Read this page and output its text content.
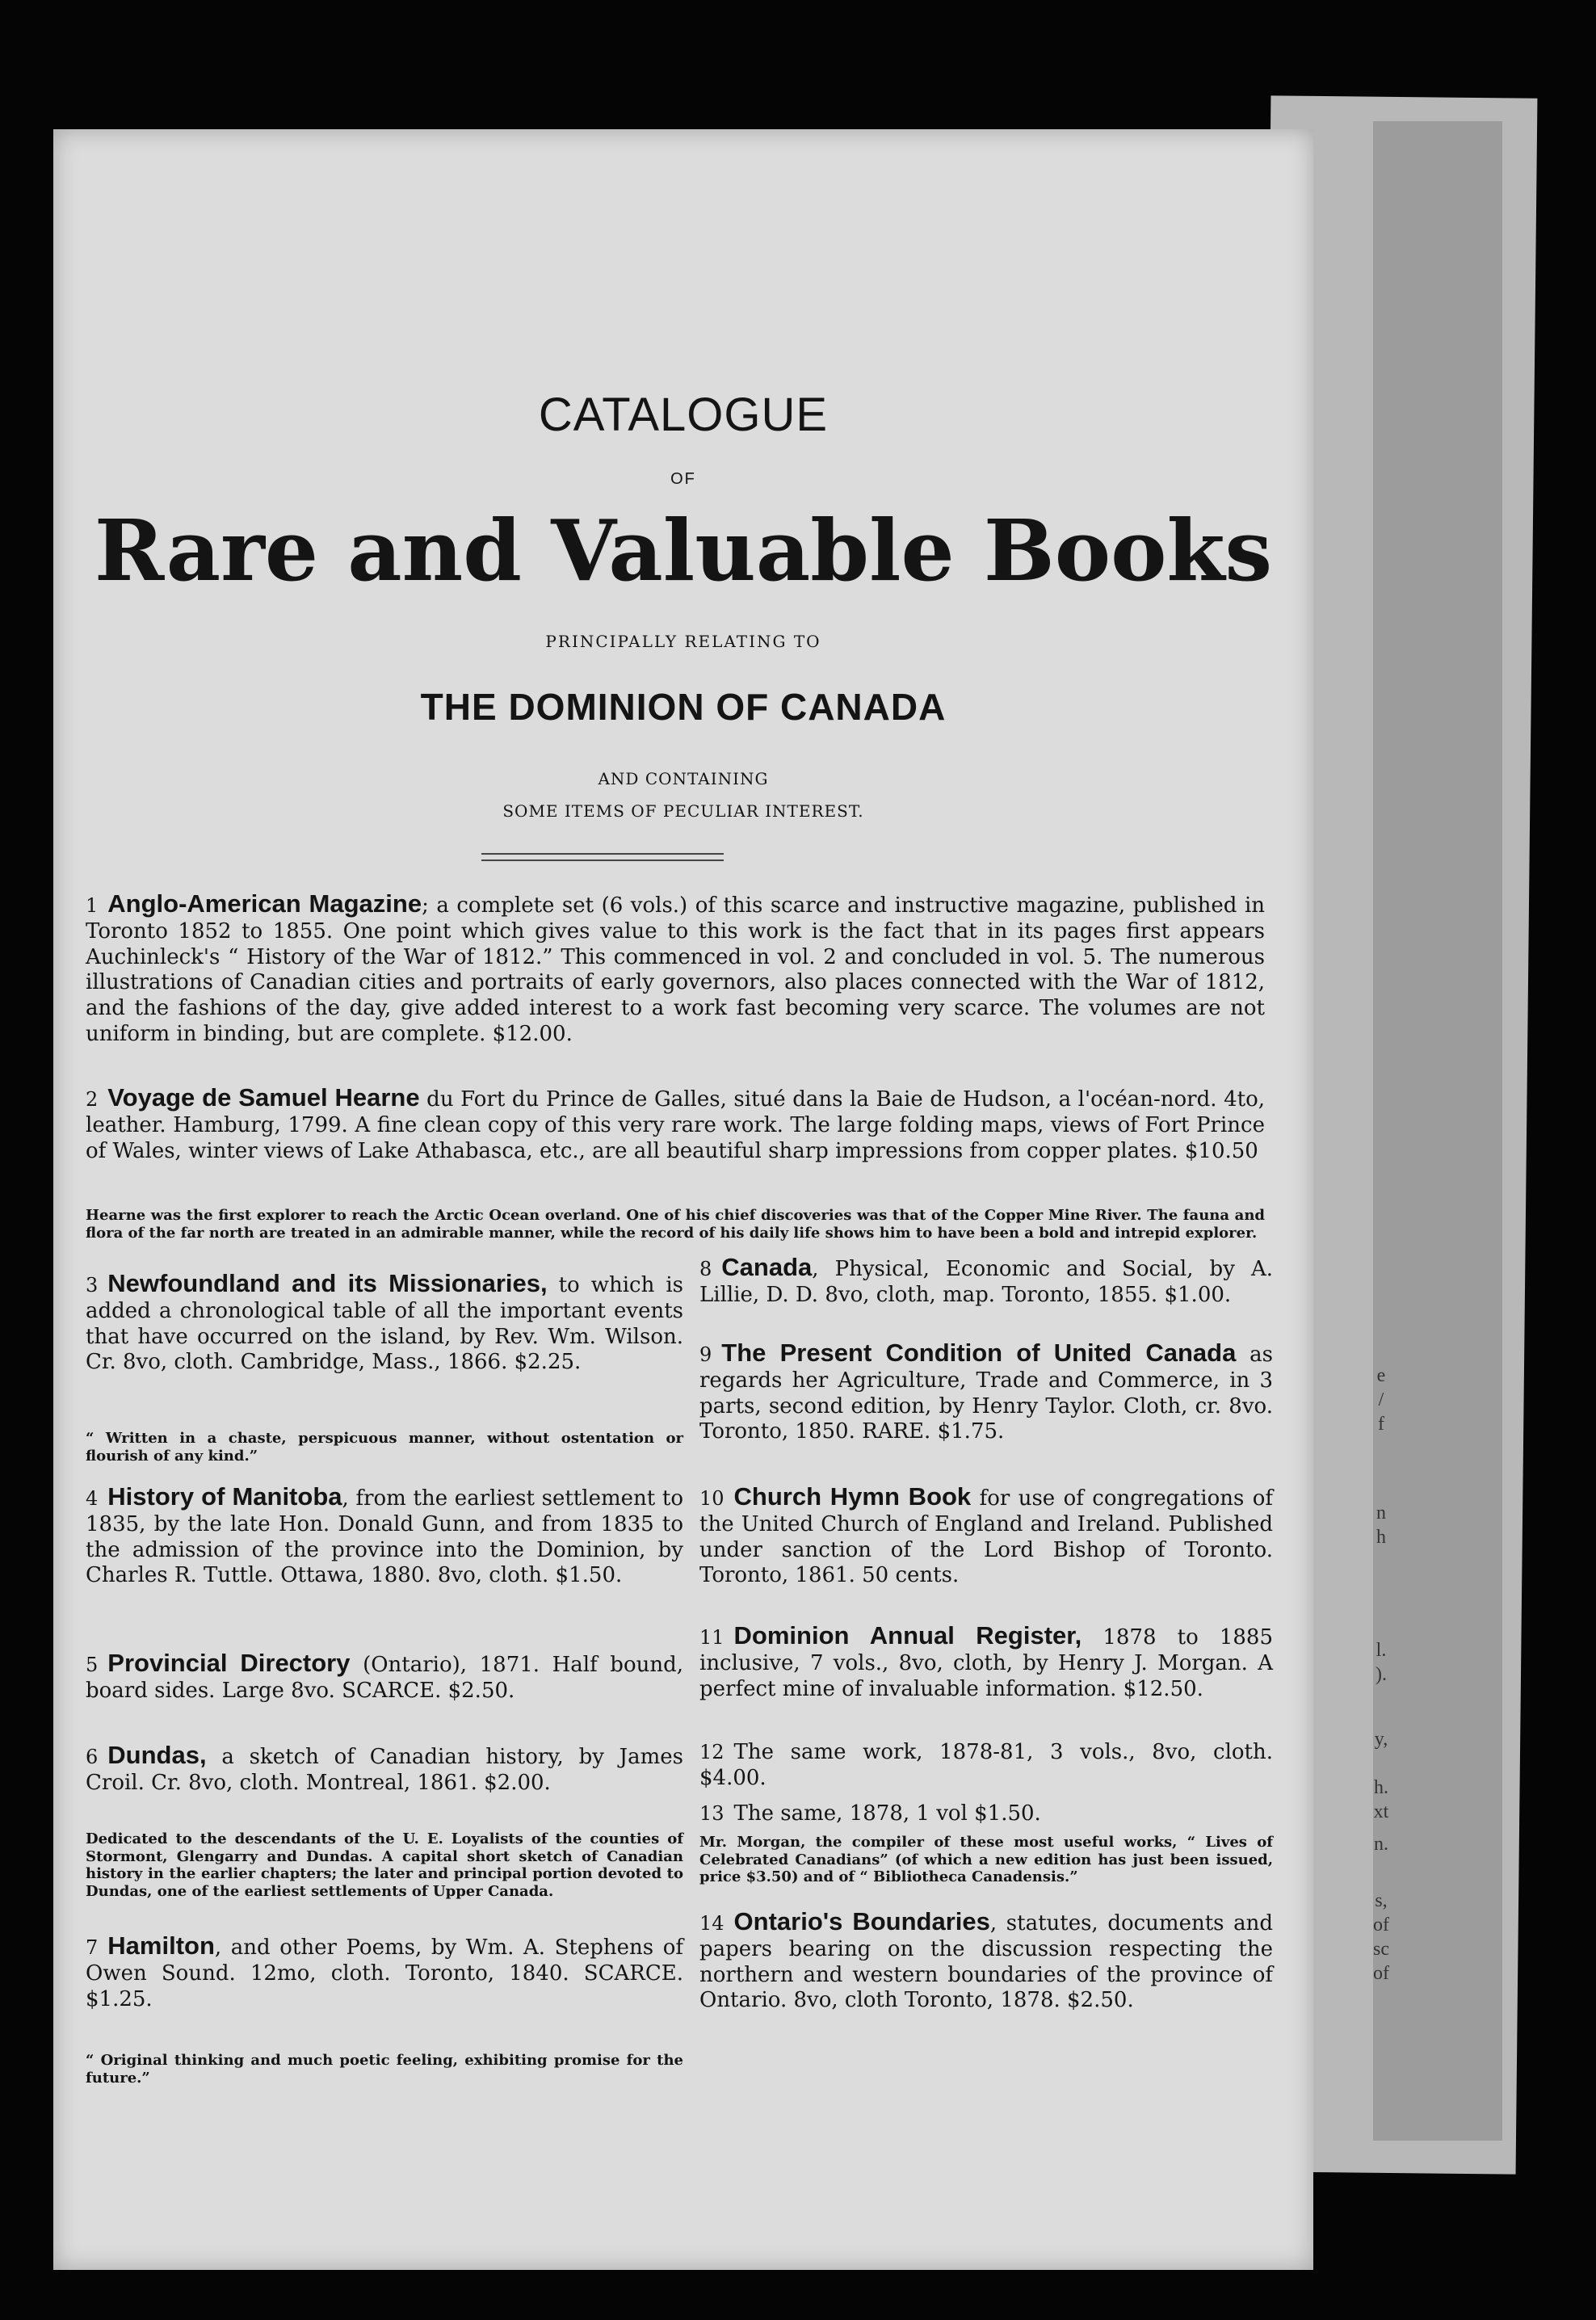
e
/
f
n
h
l.
).
y,
h.
xt
n.
s,
of
sc
of
CATALOGUE
OF
Rare and Valuable Books
PRINCIPALLY RELATING TO
THE DOMINION OF CANADA
AND CONTAINING
SOME ITEMS OF PECULIAR INTEREST.
1 Anglo-American Magazine; a complete set (6 vols.) of this scarce and instructive magazine, published in Toronto 1852 to 1855. One point which gives value to this work is the fact that in its pages first appears Auchinleck's “ History of the War of 1812.” This commenced in vol. 2 and concluded in vol. 5. The numerous illustrations of Canadian cities and portraits of early governors, also places connected with the War of 1812, and the fashions of the day, give added interest to a work fast becoming very scarce. The volumes are not uniform in binding, but are complete. $12.00.
2 Voyage de Samuel Hearne du Fort du Prince de Galles, situé dans la Baie de Hudson, a l'océan-nord. 4to, leather. Hamburg, 1799. A fine clean copy of this very rare work. The large folding maps, views of Fort Prince of Wales, winter views of Lake Athabasca, etc., are all beautiful sharp impressions from copper plates. $10.50
Hearne was the first explorer to reach the Arctic Ocean overland. One of his chief discoveries was that of the Copper Mine River. The fauna and flora of the far north are treated in an admirable manner, while the record of his daily life shows him to have been a bold and intrepid explorer.
3 Newfoundland and its Missionaries, to which is added a chronological table of all the important events that have occurred on the island, by Rev. Wm. Wilson. Cr. 8vo, cloth. Cambridge, Mass., 1866. $2.25.
“ Written in a chaste, perspicuous manner, without ostentation or flourish of any kind.”
4 History of Manitoba, from the earliest settlement to 1835, by the late Hon. Donald Gunn, and from 1835 to the admission of the province into the Dominion, by Charles R. Tuttle. Ottawa, 1880. 8vo, cloth. $1.50.
5 Provincial Directory (Ontario), 1871. Half bound, board sides. Large 8vo. SCARCE. $2.50.
6 Dundas, a sketch of Canadian history, by James Croil. Cr. 8vo, cloth. Montreal, 1861. $2.00.
Dedicated to the descendants of the U. E. Loyalists of the counties of Stormont, Glengarry and Dundas. A capital short sketch of Canadian history in the earlier chapters; the later and principal portion devoted to Dundas, one of the earliest settlements of Upper Canada.
7 Hamilton, and other Poems, by Wm. A. Stephens of Owen Sound. 12mo, cloth. Toronto, 1840. SCARCE. $1.25.
“ Original thinking and much poetic feeling, exhibiting promise for the future.”
8 Canada, Physical, Economic and Social, by A. Lillie, D. D. 8vo, cloth, map. Toronto, 1855. $1.00.
9 The Present Condition of United Canada as regards her Agriculture, Trade and Commerce, in 3 parts, second edition, by Henry Taylor. Cloth, cr. 8vo. Toronto, 1850. RARE. $1.75.
10 Church Hymn Book for use of congregations of the United Church of England and Ireland. Published under sanction of the Lord Bishop of Toronto. Toronto, 1861. 50 cents.
11 Dominion Annual Register, 1878 to 1885 inclusive, 7 vols., 8vo, cloth, by Henry J. Morgan. A perfect mine of invaluable information. $12.50.
12 The same work, 1878-81, 3 vols., 8vo, cloth. $4.00.
13 The same, 1878, 1 vol $1.50.
Mr. Morgan, the compiler of these most useful works, “ Lives of Celebrated Canadians” (of which a new edition has just been issued, price $3.50) and of “ Bibliotheca Canadensis.”
14 Ontario's Boundaries, statutes, documents and papers bearing on the discussion respecting the northern and western boundaries of the province of Ontario. 8vo, cloth Toronto, 1878. $2.50.
